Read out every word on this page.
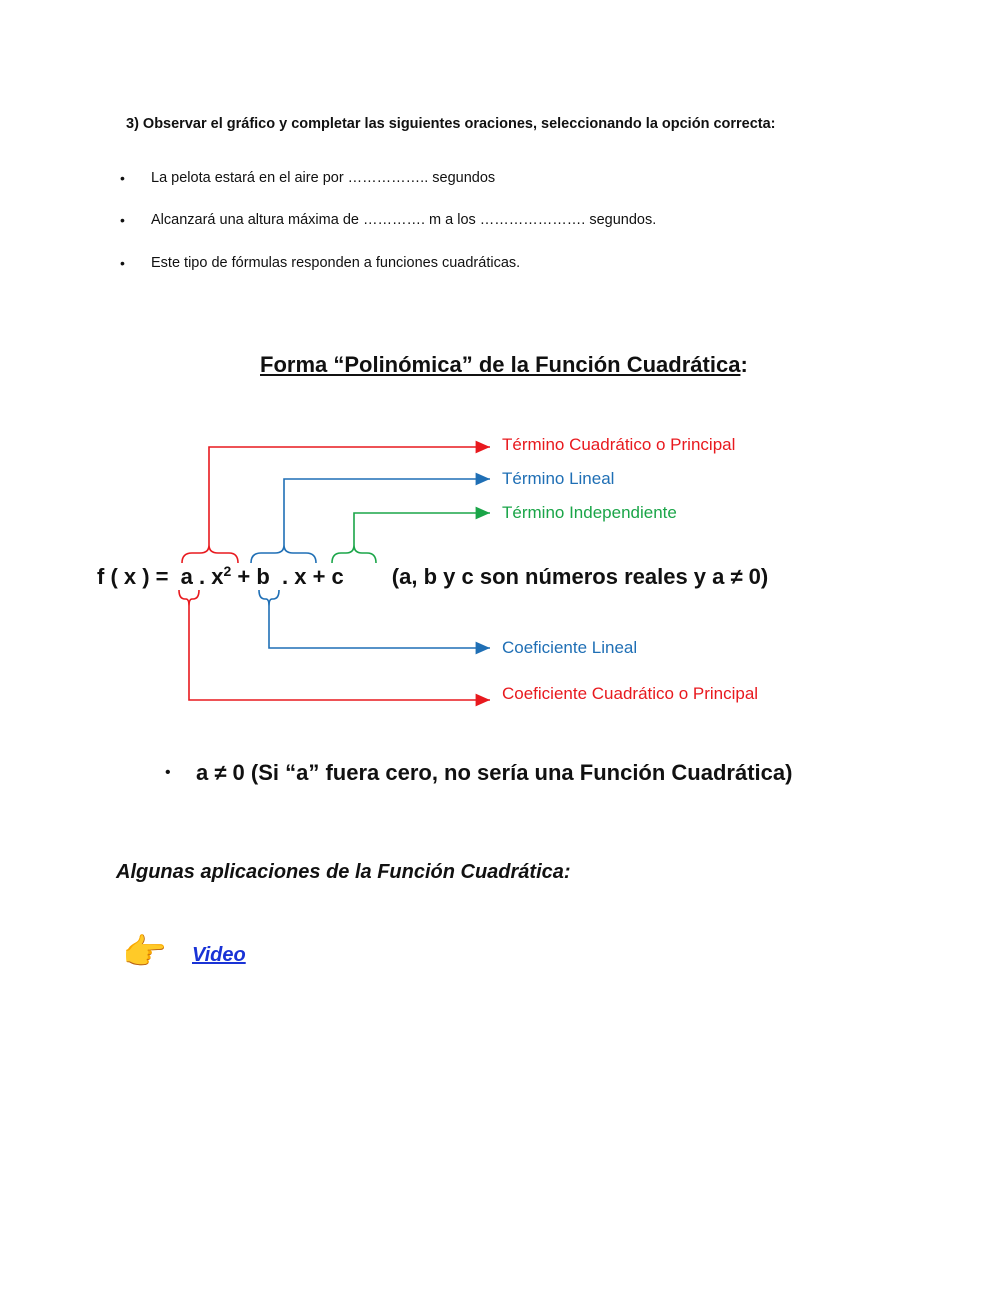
3) Observar el gráfico y completar las siguientes oraciones, seleccionando la opción correcta:
•	La pelota estará en el aire por …………….. segundos
•	Alcanzará una altura máxima de …………. m a los …………………. segundos.
•	Este tipo de fórmulas responden a funciones cuadráticas.
Forma “Polinómica” de la Función Cuadrática:
Término Cuadrático o Principal
Término Lineal
Término Independiente
Coeficiente Lineal
Coeficiente Cuadrático o Principal
f ( x ) = a . $x^2 + b$  . x + c (a, b y c son números reales y a ≠ 0)
•	a ≠ 0 (Si “a” fuera cero, no sería una Función Cuadrática)
Algunas aplicaciones de la Función Cuadrática:
👉 Video
